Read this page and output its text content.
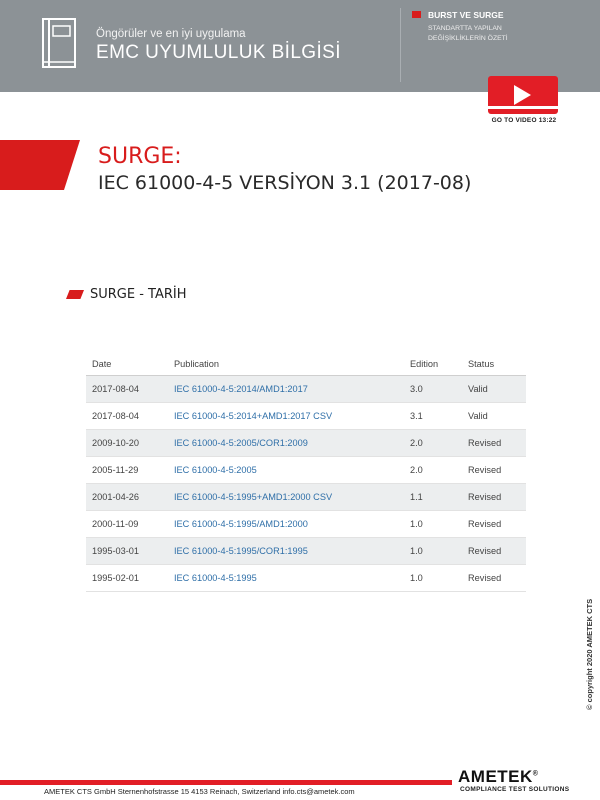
Öngörüler ve en iyi uygulama
EMC UYUMLULUK BİLGİSİ
BURST VE SURGE
STANDARTTA YAPILAN DEĞİŞİKLİKLERİN ÖZETİ
GO TO VIDEO 13:22
SURGE:
IEC 61000-4-5 VERSİYON 3.1 (2017-08)
SURGE - TARİH
Date	Publication	Edition	Status
2017-08-04	IEC 61000-4-5:2014/AMD1:2017	3.0	Valid
2017-08-04	IEC 61000-4-5:2014+AMD1:2017 CSV	3.1	Valid
2009-10-20	IEC 61000-4-5:2005/COR1:2009	2.0	Revised
2005-11-29	IEC 61000-4-5:2005	2.0	Revised
2001-04-26	IEC 61000-4-5:1995+AMD1:2000 CSV	1.1	Revised
2000-11-09	IEC 61000-4-5:1995/AMD1:2000	1.0	Revised
1995-03-01	IEC 61000-4-5:1995/COR1:1995	1.0	Revised
1995-02-01	IEC 61000-4-5:1995	1.0	Revised
© copyright 2020 AMETEK CTS
AMETEK CTS GmbH Sternenhofstrasse 15 4153 Reinach, Switzerland info.cts@ametek.com
AMETEK®
COMPLIANCE TEST SOLUTIONS
